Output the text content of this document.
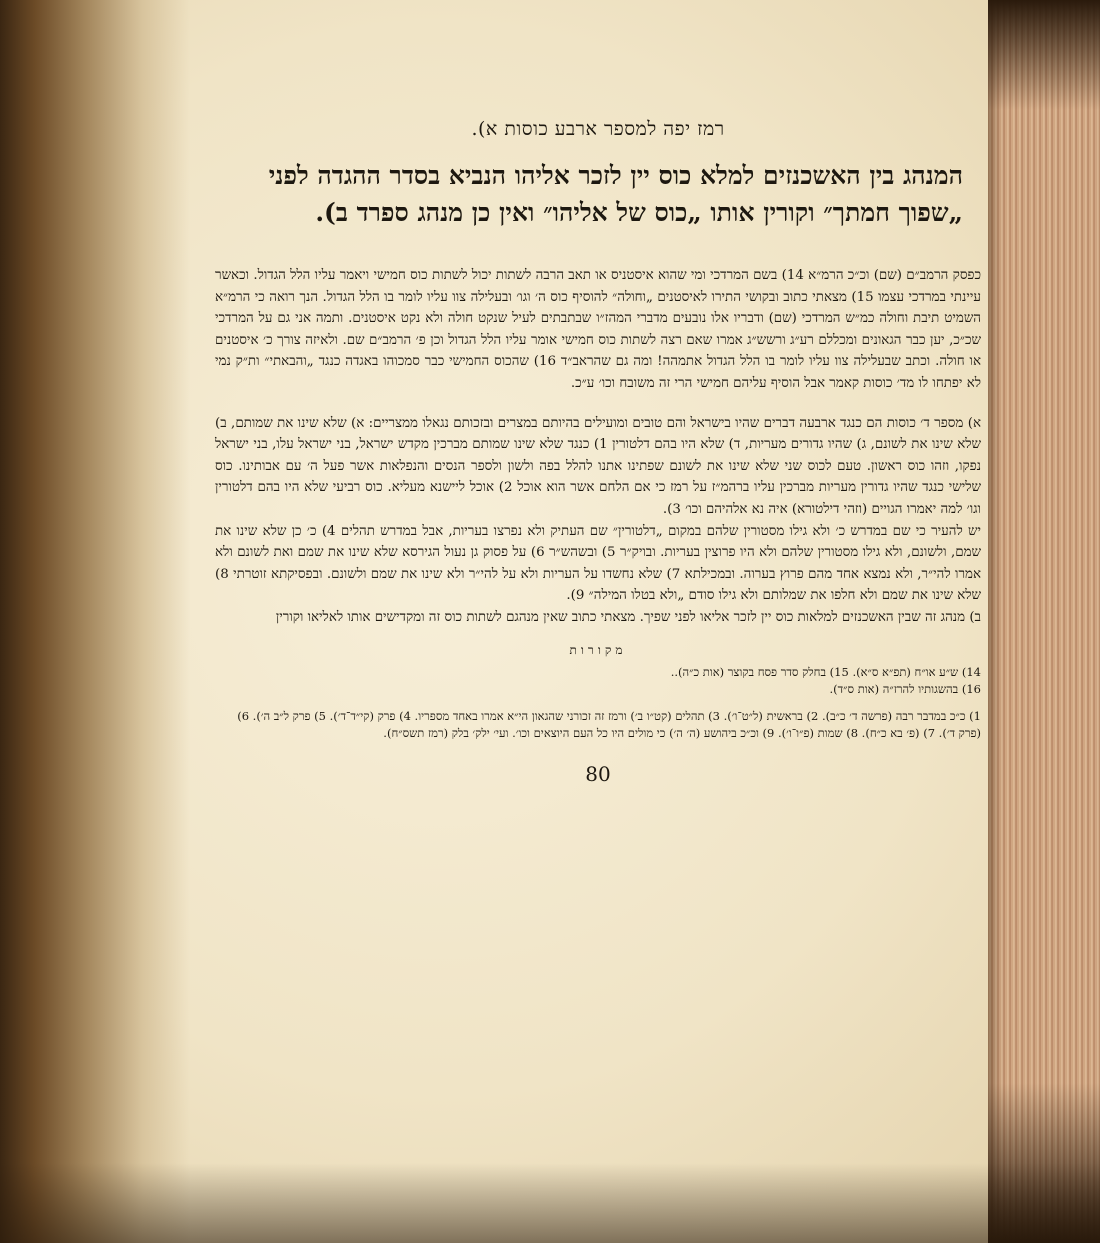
רמז יפה למספר ארבע כוסות א).

המנהג בין האשכנזים למלא כוס יין לזכר אליהו הנביא בסדר ההגדה לפני „שפוך חמתך״ וקורין אותו „כוס של אליהו״ ואין כן מנהג ספרד ב).

כפסק הרמב״ם (שם) וכ״כ הרמ״א 14) בשם המרדכי ומי שהוא איסטניס או תאב הרבה לשתות יכול לשתות כוס חמישי ויאמר עליו הלל הגדול. וכאשר עיינתי במרדכי עצמו 15) מצאתי כתוב ובקושי התירו לאיסטנים „וחולה״ להוסיף כוס ה׳ וגו׳ ובעלילה צוו עליו לומר בו הלל הגדול. הנך רואה כי הרמ״א השמיט תיבת וחולה כמ״ש המרדכי (שם) ודבריו אלו נובעים מדברי המהז״ו שבתבתים לעיל שנקט חולה ולא נקט איסטנים. ותמה אני גם על המרדכי שכ״כ, יען כבר הגאונים ומכללם רע״ג ורשש״ג אמרו שאם רצה לשתות כוס חמישי אומר עליו הלל הגדול וכן פ׳ הרמב״ם שם. ולאיזה צורך כ׳ איסטנים או חולה. וכתב שבעלילה צוו עליו לומר בו הלל הגדול אתמהה! ומה גם שהראב״ד 16) שהכוס החמישי כבר סמכוהו באגדה כנגד „והבאתי״ ות״ק נמי לא יפתחו לו מד׳ כוסות קאמר אבל הוסיף עליהם חמישי הרי זה משובח וכו׳ ע״כ.

א) מספר ד׳ כוסות הם כנגד ארבעה דברים שהיו בישראל והם טובים ומועילים בהיותם במצרים ובזכותם נגאלו ממצריים: א) שלא שינו את שמותם, ב) שלא שינו את לשונם, ג) שהיו גדורים מעריות, ד) שלא היו בהם דלטורין 1) כנגד שלא שינו שמותם מברכין מקדש ישראל, בני ישראל עלו, בני ישראל נפקו, וזהו כוס ראשון. טעם לכוס שני שלא שינו את לשונם שפתינו אתנו להלל בפה ולשון ולספר הנסים והנפלאות אשר פעל ה׳ עם אבותינו. כוס שלישי כנגד שהיו גדורין מעריות מברכין עליו ברהמ״ז על רמז כי אם הלחם אשר הוא אוכל 2) אוכל ליישנא מעליא. כוס רביעי שלא היו בהם דלטורין וגו׳ למה יאמרו הגויים (וזהי דילטורא) איה נא אלהיהם וכו׳ 3).

יש להעיר כי שם במדרש כ׳ ולא גילו מסטורין שלהם במקום „דלטורין״ שם העתיק ולא נפרצו בעריות, אבל במדרש תהלים 4) כ׳ כן שלא שינו את שמם, ולשונם, ולא גילו מסטורין שלהם ולא היו פרוצין בעריות. ובויק״ר 5) ובשהש״ר 6) על פסוק גן נעול הגירסא שלא שינו את שמם ואת לשונם ולא אמרו להי״ר, ולא נמצא אחד מהם פרוץ בערוה. ובמכילתא 7) שלא נחשדו על העריות ולא על להי״ר ולא שינו את שמם ולשונם. ובפסיקתא זוטרתי 8) שלא שינו את שמם ולא חלפו את שמלותם ולא גילו סודם „ולא בטלו המילה״ 9).

ב) מנהג זה שבין האשכנזים למלאות כוס יין לזכר אליאו לפני שפיך. מצאתי כתוב שאין מנהגם לשתות כוס זה ומקדישים אותו לאליאו וקורין

מקורות

14) ש״ע או״ח (תפ״א ס״א). 15) בחלק סדר פסח בקוצר (אות כ״ה)..

16) בהשגותיו להרז״ה (אות ס״ד).

1) כ״כ במדבר רבה (פרשה ד׳ כ״ב). 2) בראשית (ל״ט־ו׳). 3) תהלים (קט״ו ב׳) ורמז זה זכורני שהגאון הי״א אמרו באחד מספריו. 4) פרק (קי״ד־ד׳). 5) פרק ל״ב ה׳). 6) (פרק ד׳). 7) (פ׳ בא כ״ח). 8) שמות (פ״ו־ו׳). 9) וכ״כ ביהושע (ה׳ ה׳) כי מולים היו כל העם היוצאים וכו׳. ועי׳ ילק׳ בלק (רמז תשס״ח).

80
